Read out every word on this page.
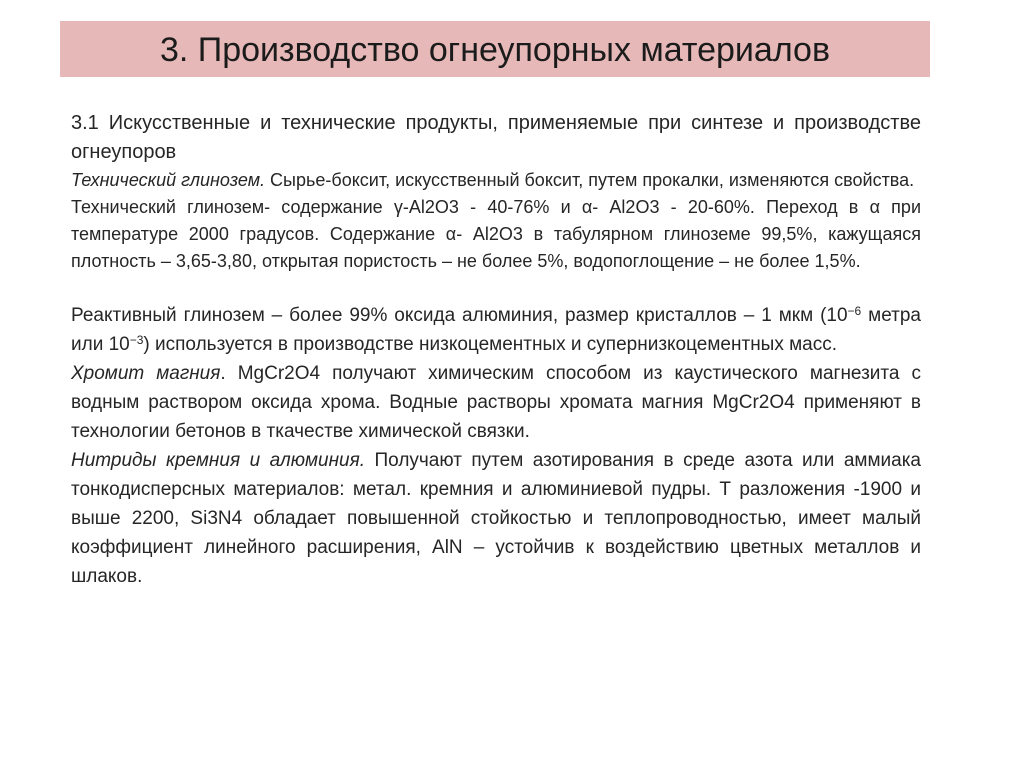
3. Производство огнеупорных материалов

3.1 Искусственные и технические продукты, применяемые при синтезе и производстве огнеупоров

Технический глинозем. Сырье-боксит, искусственный боксит, путем прокалки, изменяются свойства.

Технический глинозем- содержание γ-Al2O3 - 40-76% и α- Al2O3 - 20-60%. Переход в α при температуре 2000 градусов. Содержание α- Al2O3 в табулярном глиноземе 99,5%, кажущаяся плотность – 3,65-3,80, открытая пористость – не более 5%, водопоглощение – не более 1,5%.

Реактивный глинозем – более 99% оксида алюминия, размер кристаллов – 1 мкм ($10^{-6}$ метра или $10^{-3}$) используется в производстве низкоцементных и супернизкоцементных масс.

Хромит магния. MgCr2O4 получают химическим способом из каустического магнезита с водным раствором оксида хрома. Водные растворы хромата магния MgCr2O4 применяют в технологии бетонов в ткачестве химической связки.

Нитриды кремния и алюминия. Получают путем азотирования в среде азота или аммиака тонкодисперсных материалов: метал. кремния и алюминиевой пудры. Т разложения -1900 и выше 2200, Si3N4 обладает повышенной стойкостью и теплопроводностью, имеет малый коэффициент линейного расширения, AlN – устойчив к воздействию цветных металлов и шлаков.
